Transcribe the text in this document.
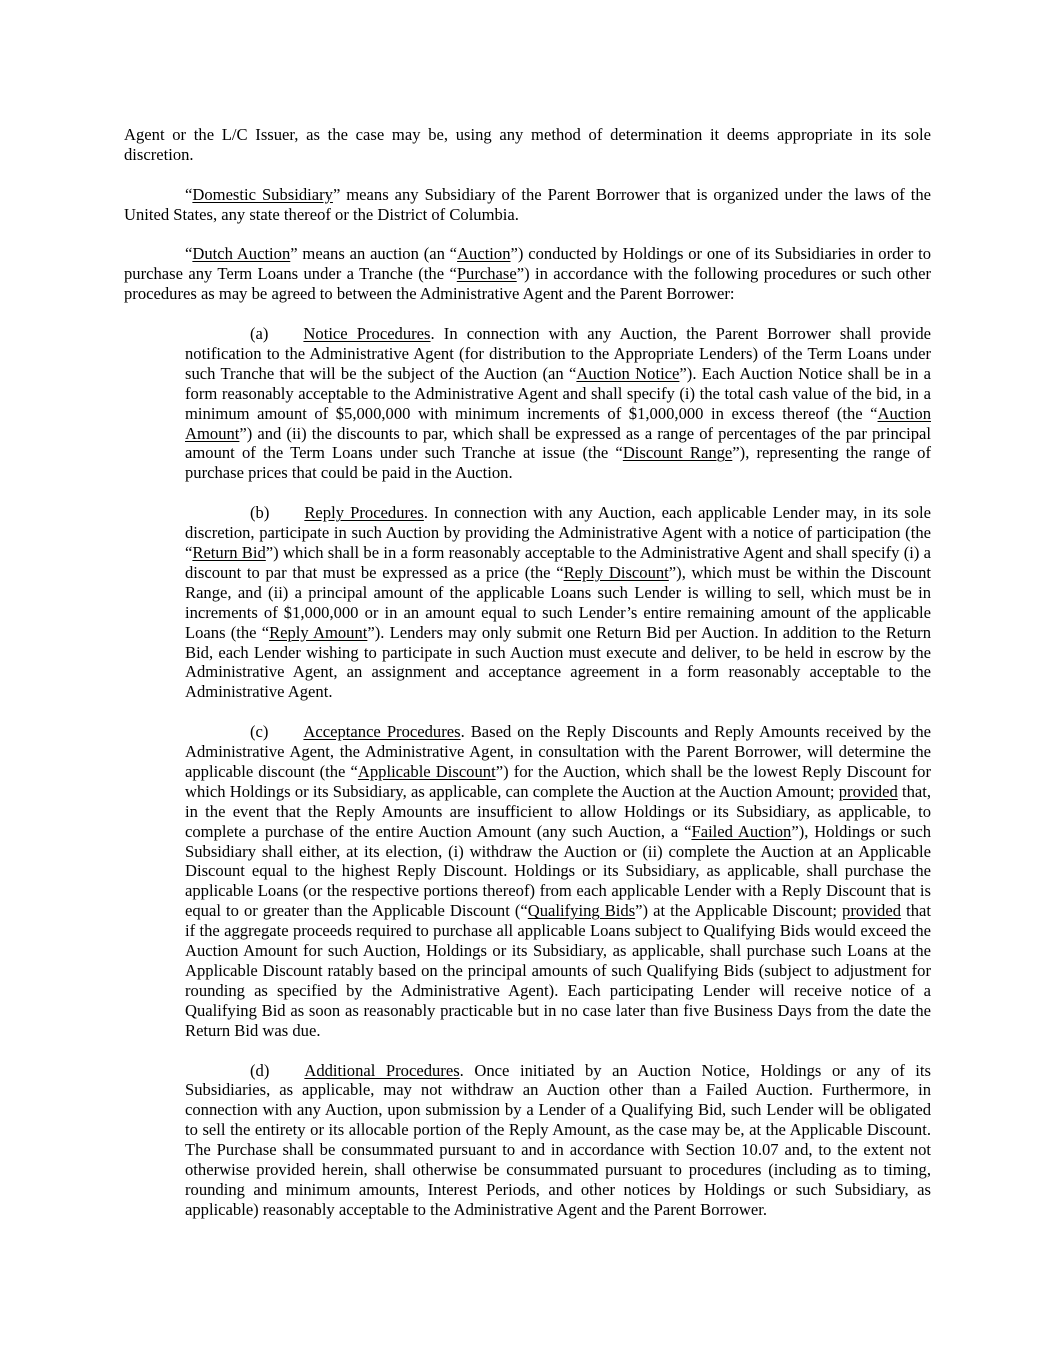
Agent or the L/C Issuer, as the case may be, using any method of determination it deems appropriate in its sole discretion.

“Domestic Subsidiary” means any Subsidiary of the Parent Borrower that is organized under the laws of the United States, any state thereof or the District of Columbia.

“Dutch Auction” means an auction (an “Auction”) conducted by Holdings or one of its Subsidiaries in order to purchase any Term Loans under a Tranche (the “Purchase”) in accordance with the following procedures or such other procedures as may be agreed to between the Administrative Agent and the Parent Borrower:

(a) Notice Procedures. In connection with any Auction, the Parent Borrower shall provide notification to the Administrative Agent (for distribution to the Appropriate Lenders) of the Term Loans under such Tranche that will be the subject of the Auction (an “Auction Notice”). Each Auction Notice shall be in a form reasonably acceptable to the Administrative Agent and shall specify (i) the total cash value of the bid, in a minimum amount of $5,000,000 with minimum increments of $1,000,000 in excess thereof (the “Auction Amount”) and (ii) the discounts to par, which shall be expressed as a range of percentages of the par principal amount of the Term Loans under such Tranche at issue (the “Discount Range”), representing the range of purchase prices that could be paid in the Auction.

(b) Reply Procedures. In connection with any Auction, each applicable Lender may, in its sole discretion, participate in such Auction by providing the Administrative Agent with a notice of participation (the “Return Bid”) which shall be in a form reasonably acceptable to the Administrative Agent and shall specify (i) a discount to par that must be expressed as a price (the “Reply Discount”), which must be within the Discount Range, and (ii) a principal amount of the applicable Loans such Lender is willing to sell, which must be in increments of $1,000,000 or in an amount equal to such Lender’s entire remaining amount of the applicable Loans (the “Reply Amount”). Lenders may only submit one Return Bid per Auction. In addition to the Return Bid, each Lender wishing to participate in such Auction must execute and deliver, to be held in escrow by the Administrative Agent, an assignment and acceptance agreement in a form reasonably acceptable to the Administrative Agent.

(c) Acceptance Procedures. Based on the Reply Discounts and Reply Amounts received by the Administrative Agent, the Administrative Agent, in consultation with the Parent Borrower, will determine the applicable discount (the “Applicable Discount”) for the Auction, which shall be the lowest Reply Discount for which Holdings or its Subsidiary, as applicable, can complete the Auction at the Auction Amount; provided that, in the event that the Reply Amounts are insufficient to allow Holdings or its Subsidiary, as applicable, to complete a purchase of the entire Auction Amount (any such Auction, a “Failed Auction”), Holdings or such Subsidiary shall either, at its election, (i) withdraw the Auction or (ii) complete the Auction at an Applicable Discount equal to the highest Reply Discount. Holdings or its Subsidiary, as applicable, shall purchase the applicable Loans (or the respective portions thereof) from each applicable Lender with a Reply Discount that is equal to or greater than the Applicable Discount (“Qualifying Bids”) at the Applicable Discount; provided that if the aggregate proceeds required to purchase all applicable Loans subject to Qualifying Bids would exceed the Auction Amount for such Auction, Holdings or its Subsidiary, as applicable, shall purchase such Loans at the Applicable Discount ratably based on the principal amounts of such Qualifying Bids (subject to adjustment for rounding as specified by the Administrative Agent). Each participating Lender will receive notice of a Qualifying Bid as soon as reasonably practicable but in no case later than five Business Days from the date the Return Bid was due.

(d) Additional Procedures. Once initiated by an Auction Notice, Holdings or any of its Subsidiaries, as applicable, may not withdraw an Auction other than a Failed Auction. Furthermore, in connection with any Auction, upon submission by a Lender of a Qualifying Bid, such Lender will be obligated to sell the entirety or its allocable portion of the Reply Amount, as the case may be, at the Applicable Discount. The Purchase shall be consummated pursuant to and in accordance with Section 10.07 and, to the extent not otherwise provided herein, shall otherwise be consummated pursuant to procedures (including as to timing, rounding and minimum amounts, Interest Periods, and other notices by Holdings or such Subsidiary, as applicable) reasonably acceptable to the Administrative Agent and the Parent Borrower.
